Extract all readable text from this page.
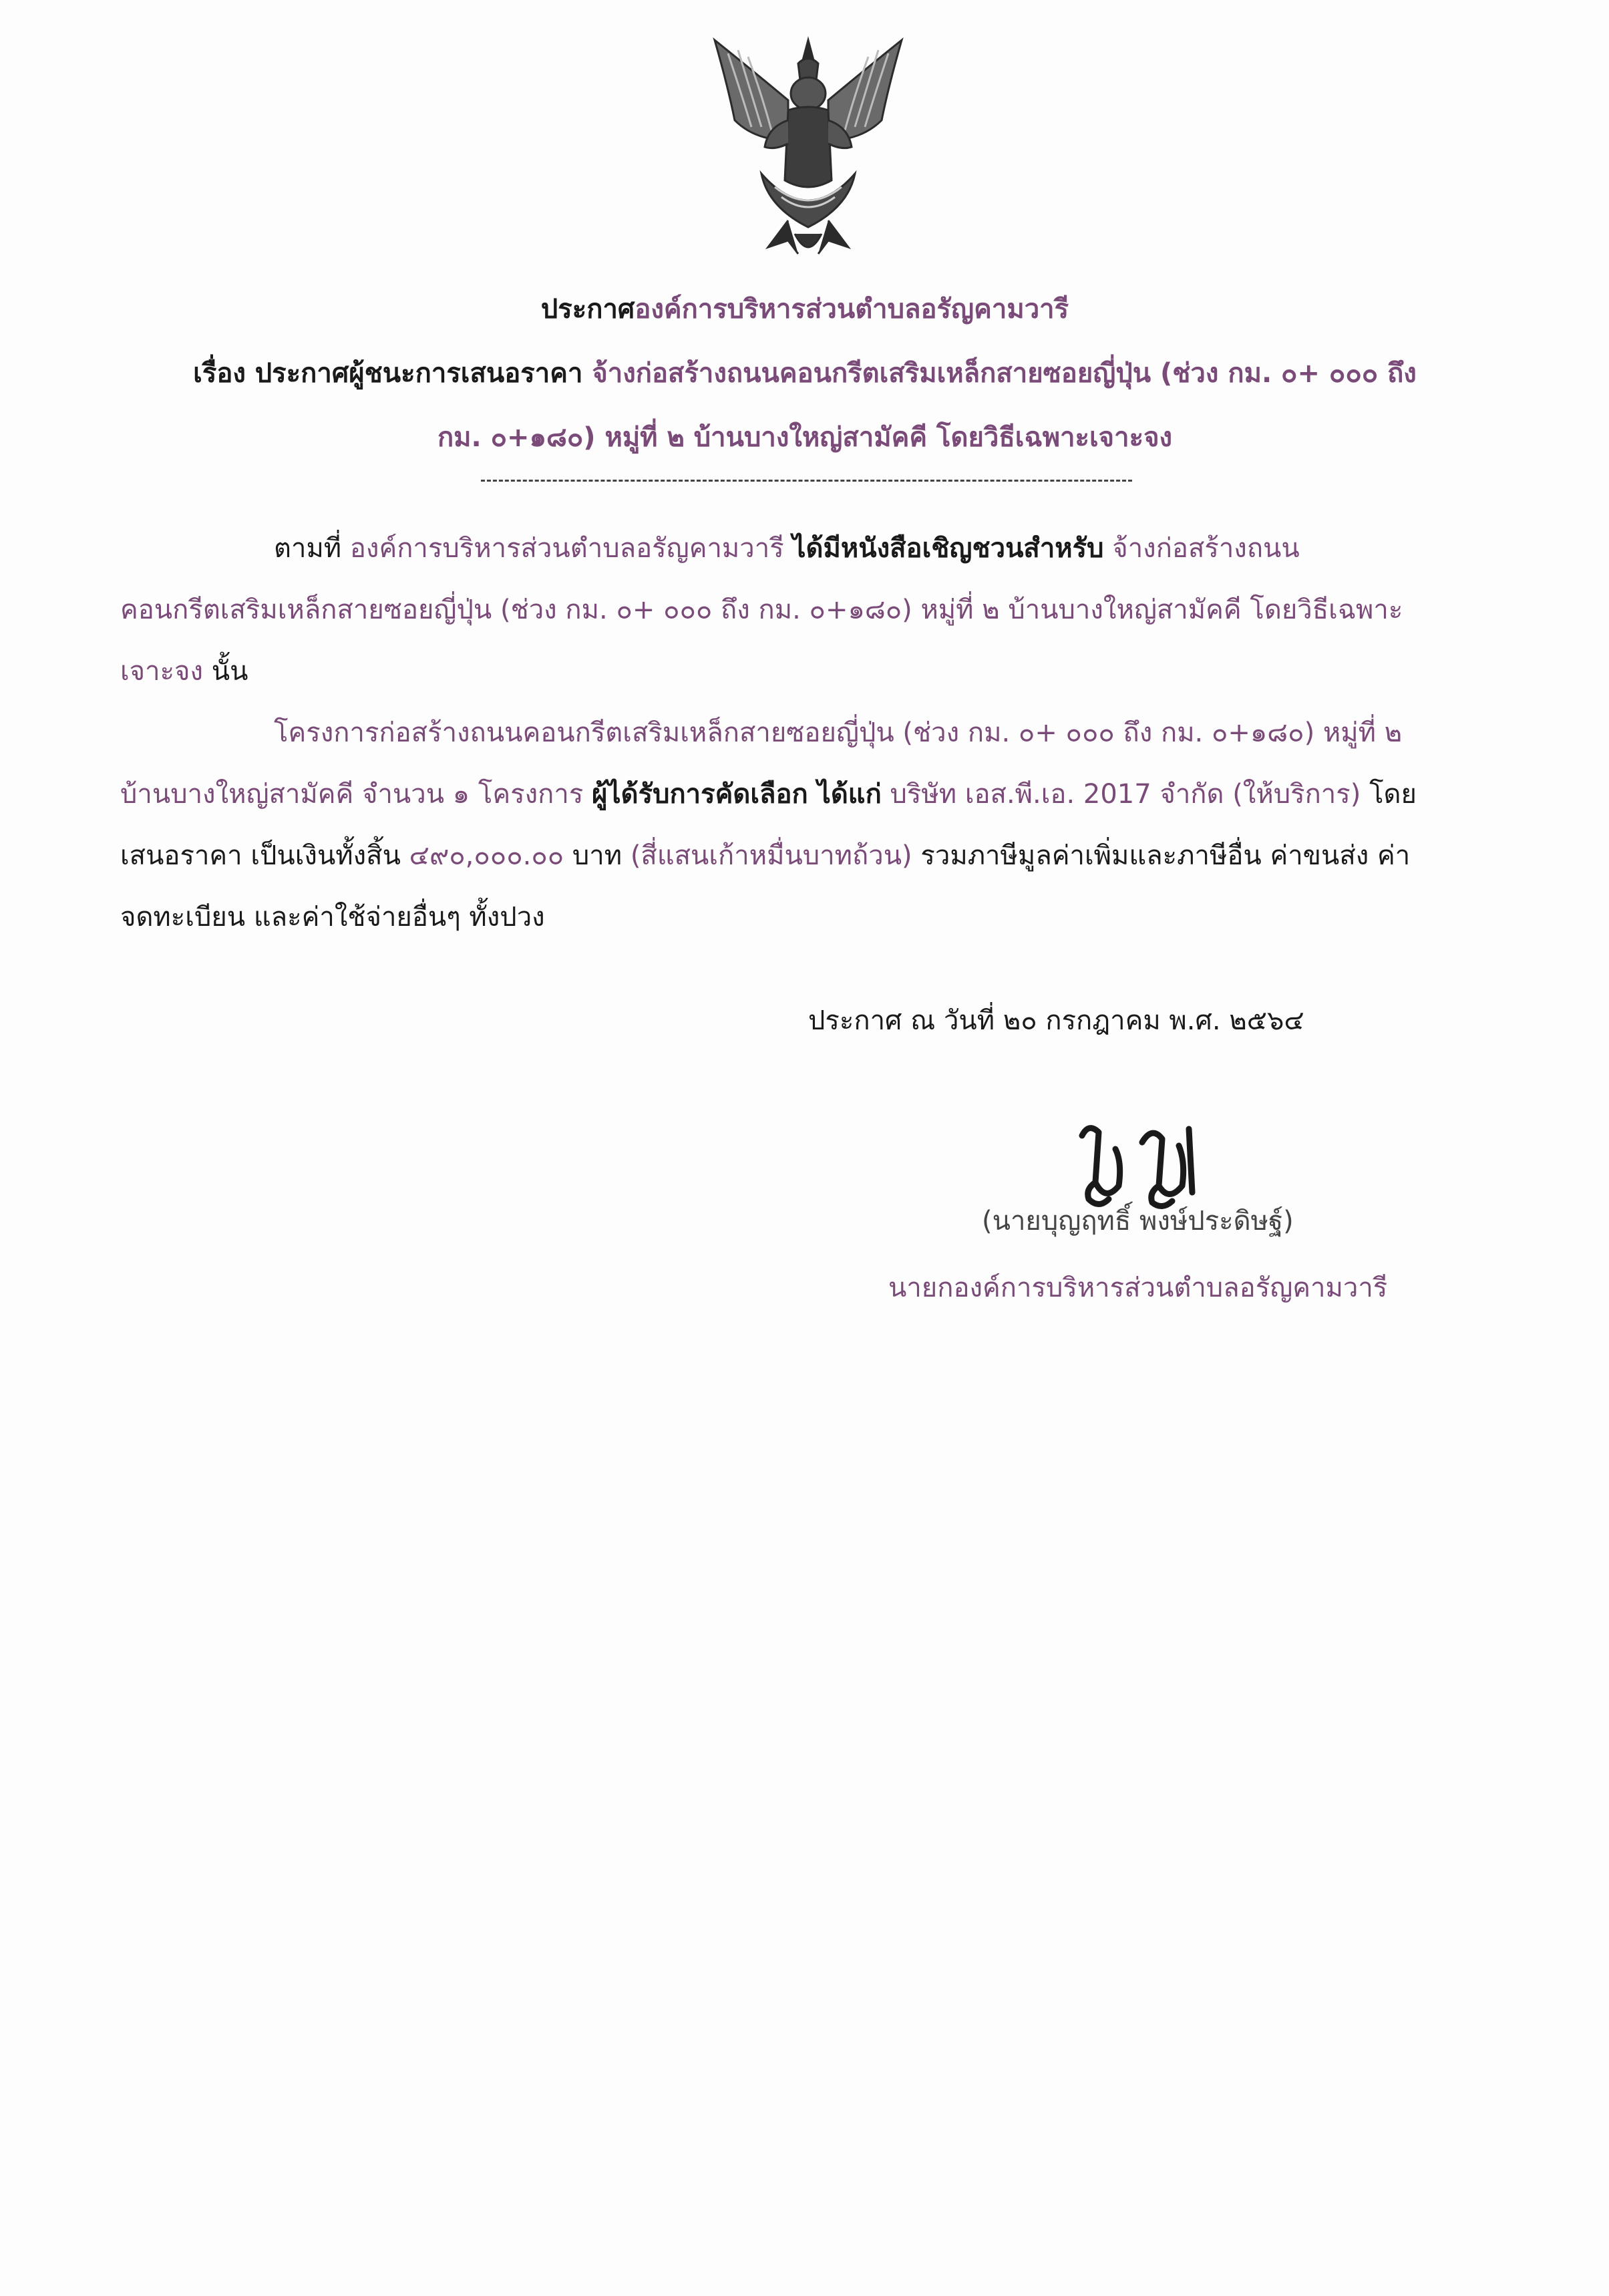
ประกาศองค์การบริหารส่วนตำบลอรัญคามวารี
เรื่อง ประกาศผู้ชนะการเสนอราคา จ้างก่อสร้างถนนคอนกรีตเสริมเหล็กสายซอยญี่ปุ่น (ช่วง กม. ๐+ ๐๐๐ ถึง
กม. ๐+๑๘๐) หมู่ที่ ๒ บ้านบางใหญ่สามัคคี โดยวิธีเฉพาะเจาะจง
ตามที่ องค์การบริหารส่วนตำบลอรัญคามวารี ได้มีหนังสือเชิญชวนสำหรับ จ้างก่อสร้างถนน
คอนกรีตเสริมเหล็กสายซอยญี่ปุ่น (ช่วง กม. ๐+ ๐๐๐ ถึง กม. ๐+๑๘๐) หมู่ที่ ๒ บ้านบางใหญ่สามัคคี โดยวิธีเฉพาะ
เจาะจง นั้น
โครงการก่อสร้างถนนคอนกรีตเสริมเหล็กสายซอยญี่ปุ่น (ช่วง กม. ๐+ ๐๐๐ ถึง กม. ๐+๑๘๐) หมู่ที่ ๒
บ้านบางใหญ่สามัคคี จำนวน ๑ โครงการ ผู้ได้รับการคัดเลือก ได้แก่ บริษัท เอส.พี.เอ. 2017 จำกัด (ให้บริการ) โดย
เสนอราคา เป็นเงินทั้งสิ้น ๔๙๐,๐๐๐.๐๐ บาท (สี่แสนเก้าหมื่นบาทถ้วน) รวมภาษีมูลค่าเพิ่มและภาษีอื่น ค่าขนส่ง ค่า
จดทะเบียน และค่าใช้จ่ายอื่นๆ ทั้งปวง
ประกาศ ณ วันที่ ๒๐ กรกฎาคม พ.ศ. ๒๕๖๔
(นายบุญฤทธิ์ พงษ์ประดิษฐ์)
นายกองค์การบริหารส่วนตำบลอรัญคามวารี
